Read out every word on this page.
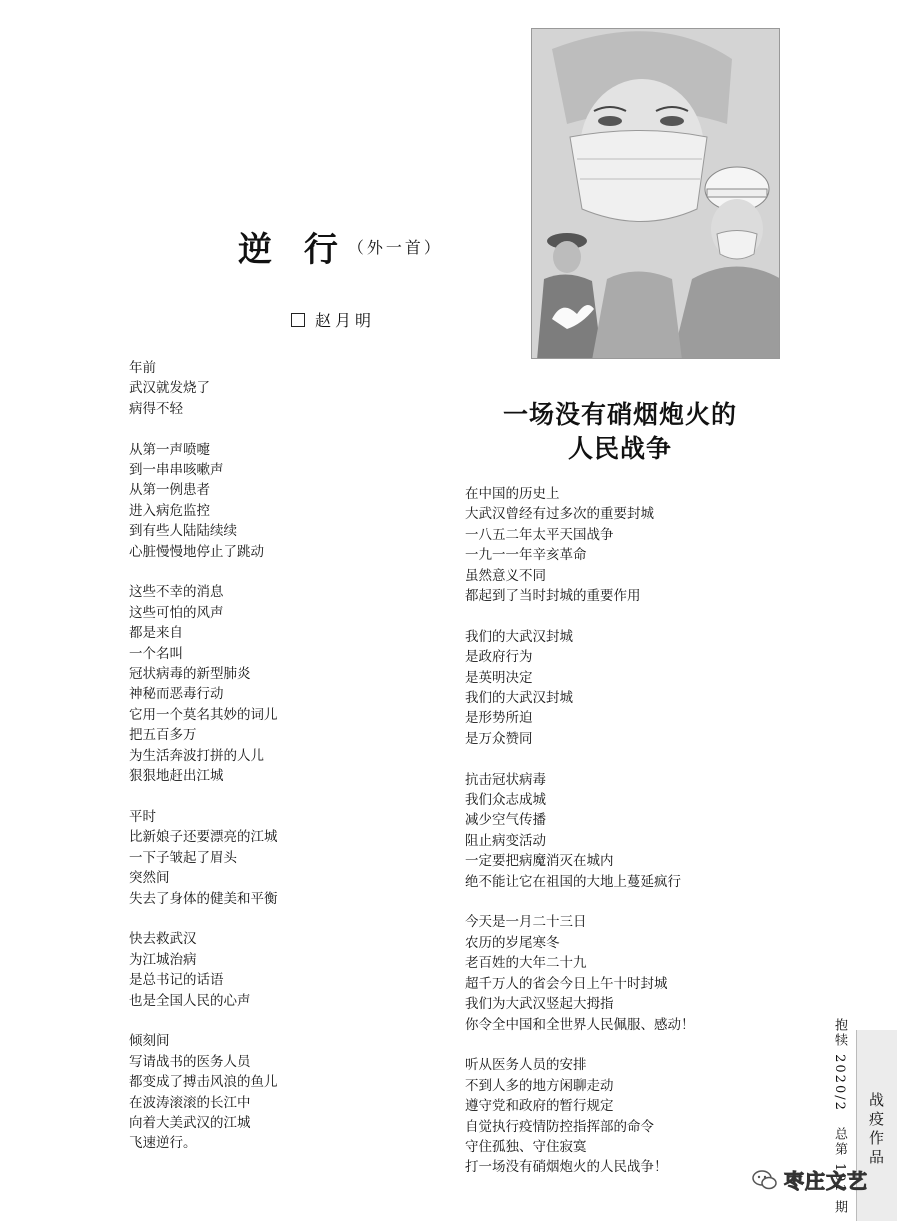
逆 行（外一首）
赵月明
年前
武汉就发烧了
病得不轻
从第一声喷嚏
到一串串咳嗽声
从第一例患者
进入病危监控
到有些人陆陆续续
心脏慢慢地停止了跳动
这些不幸的消息
这些可怕的风声
都是来自
一个名叫
冠状病毒的新型肺炎
神秘而恶毒行动
它用一个莫名其妙的词儿
把五百多万
为生活奔波打拼的人儿
狠狠地赶出江城
平时
比新娘子还要漂亮的江城
一下子皱起了眉头
突然间
失去了身体的健美和平衡
快去救武汉
为江城治病
是总书记的话语
也是全国人民的心声
倾刻间
写请战书的医务人员
都变成了搏击风浪的鱼儿
在波涛滚滚的长江中
向着大美武汉的江城
飞速逆行。
一场没有硝烟炮火的
人民战争
在中国的历史上
大武汉曾经有过多次的重要封城
一八五二年太平天国战争
一九一一年辛亥革命
虽然意义不同
都起到了当时封城的重要作用
我们的大武汉封城
是政府行为
是英明决定
我们的大武汉封城
是形势所迫
是万众赞同
抗击冠状病毒
我们众志成城
减少空气传播
阻止病变活动
一定要把病魔消灭在城内
绝不能让它在祖国的大地上蔓延疯行
今天是一月二十三日
农历的岁尾寒冬
老百姓的大年二十九
超千万人的省会今日上午十时封城
我们为大武汉竖起大拇指
你令全中国和全世界人民佩服、感动！
听从医务人员的安排
不到人多的地方闲聊走动
遵守党和政府的暂行规定
自觉执行疫情防控指挥部的命令
守住孤独、守住寂寞
打一场没有硝烟炮火的人民战争！	抱犊 2020/2　总第 191 期 战疫作品
枣庄文艺
